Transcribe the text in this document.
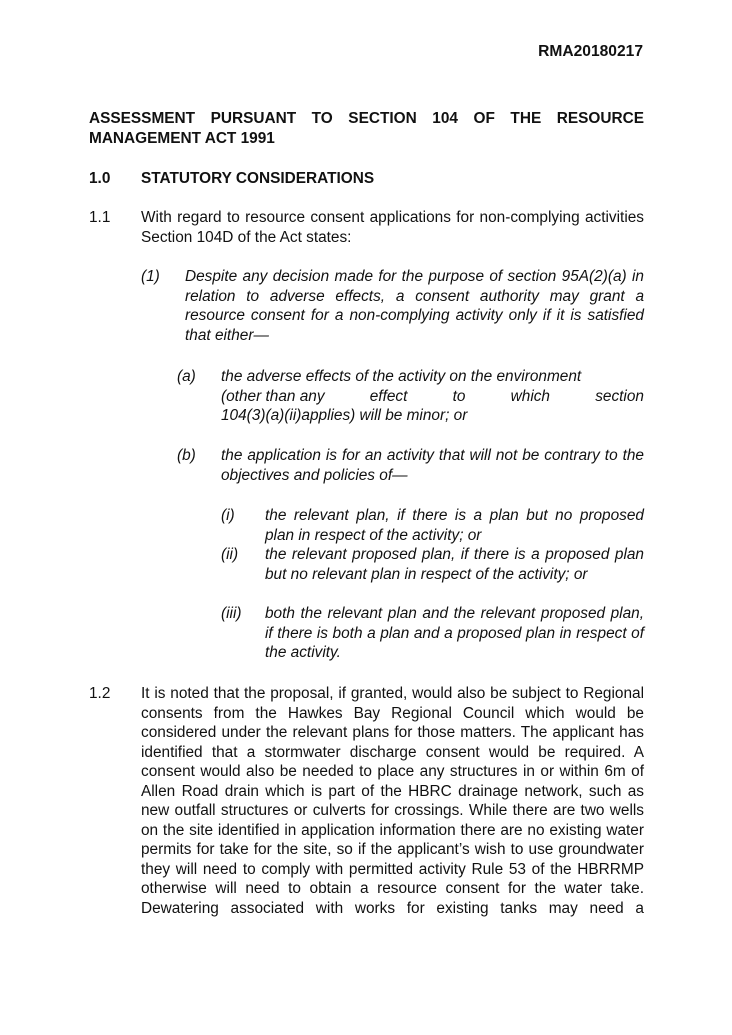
RMA20180217
ASSESSMENT PURSUANT TO SECTION 104 OF THE RESOURCE MANAGEMENT ACT 1991
1.0 STATUTORY CONSIDERATIONS
1.1 With regard to resource consent applications for non-complying activities Section 104D of the Act states:
(1) Despite any decision made for the purpose of section 95A(2)(a) in relation to adverse effects, a consent authority may grant a resource consent for a non-complying activity only if it is satisfied that either—
(a) the adverse effects of the activity on the environment
(other than any	effect	to	which	section
104(3)(a)(ii)applies) will be minor; or
(b) the application is for an activity that will not be contrary to the objectives and policies of—
(i) the relevant plan, if there is a plan but no proposed plan in respect of the activity; or
(ii) the relevant proposed plan, if there is a proposed plan but no relevant plan in respect of the activity; or
(iii) both the relevant plan and the relevant proposed plan, if there is both a plan and a proposed plan in respect of the activity.
1.2 It is noted that the proposal, if granted, would also be subject to Regional consents from the Hawkes Bay Regional Council which would be considered under the relevant plans for those matters. The applicant has identified that a stormwater discharge consent would be required. A consent would also be needed to place any structures in or within 6m of Allen Road drain which is part of the HBRC drainage network, such as new outfall structures or culverts for crossings. While there are two wells on the site identified in application information there are no existing water permits for take for the site, so if the applicant’s wish to use groundwater they will need to comply with permitted activity Rule 53 of the HBRRMP otherwise will need to obtain a resource consent for the water take. Dewatering associated with works for existing tanks may need a
